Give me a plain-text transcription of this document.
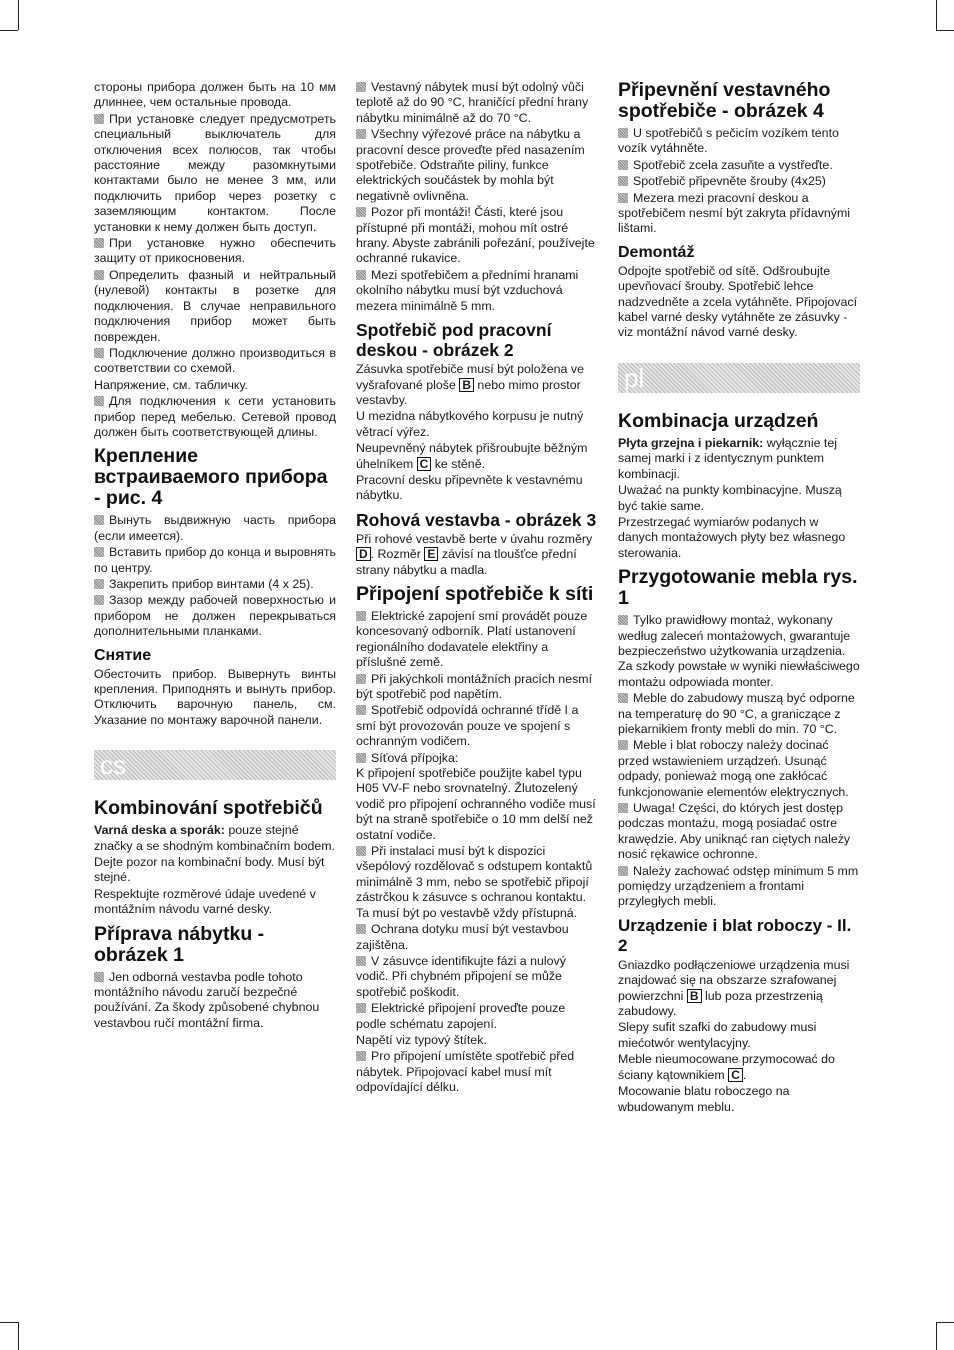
стороны прибора должен быть на 10 мм длиннее, чем остальные провода.

При установке следует предусмотреть специальный выключатель для отключения всех полюсов, так чтобы расстояние между разомкнутыми контактами было не менее 3 мм, или подключить прибор через розетку с заземляющим контактом. После установки к нему должен быть доступ.

При установке нужно обеспечить защиту от прикосновения.

Определить фазный и нейтральный (нулевой) контакты в розетке для подключения. В случае неправильного подключения прибор может быть поврежден.

Подключение должно производиться в соответствии со схемой.

Напряжение, см. табличку.

Для подключения к сети установить прибор перед мебелью. Сетевой провод должен быть соответствующей длины.

Крепление встраиваемого прибора - рис. 4

Вынуть выдвижную часть прибора (если имеется).

Вставить прибор до конца и выровнять по центру.

Закрепить прибор винтами (4 x 25).

Зазор между рабочей поверхностью и прибором не должен перекрываться дополнительными планками.

Снятие

Обесточить прибор. Вывернуть винты крепления. Приподнять и вынуть прибор. Отключить варочную панель, см. Указание по монтажу варочной панели.

cs
Kombinování spotřebičů

Varná deska a sporák: pouze stejné značky a se shodným kombinačním bodem.

Dejte pozor na kombinační body. Musí být stejné.

Respektujte rozměrové údaje uvedené v montážním návodu varné desky.

Příprava nábytku - obrázek 1

Jen odborná vestavba podle tohoto montážního návodu zaručí bezpečné používání. Za škody způsobené chybnou vestavbou ručí montážní firma.

Vestavný nábytek musí být odolný vůči teplotě až do 90 °C, hraničící přední hrany nábytku minimálně až do 70 °C.

Všechny výřezové práce na nábytku a pracovní desce proveďte před nasazením spotřebiče. Odstraňte piliny, funkce elektrických součástek by mohla být negativně ovlivněna.

Pozor při montáži! Části, které jsou přístupné při montáži, mohou mít ostré hrany. Abyste zabránili pořezání, používejte ochranné rukavice.

Mezi spotřebičem a předními hranami okolního nábytku musí být vzduchová mezera minimálně 5 mm.

Spotřebič pod pracovní deskou - obrázek 2

Zásuvka spotřebiče musí být položena ve vyšrafované ploše B nebo mimo prostor vestavby.

U mezidna nábytkového korpusu je nutný větrací výřez.

Neupevněný nábytek přišroubujte běžným úhelníkem C ke stěně.

Pracovní desku připevněte k vestavnému nábytku.

Rohová vestavba - obrázek 3

Při rohové vestavbě berte v úvahu rozměry D . Rozměr E závisí na tloušťce přední strany nábytku a madla.

Připojení spotřebiče k síti

Elektrické zapojení smí provádět pouze koncesovaný odborník. Platí ustanovení regionálního dodavatele elektřiny a příslušné země.

Při jakýchkoli montážních pracích nesmí být spotřebič pod napětím.

Spotřebič odpovídá ochranné třídě I a smí být provozován pouze ve spojení s ochranným vodičem.

Síťová přípojka:
K připojení spotřebiče použijte kabel typu H05 VV-F nebo srovnatelný. Žlutozelený vodič pro připojení ochranného vodiče musí být na straně spotřebiče o 10 mm delší než ostatní vodiče.

Při instalaci musí být k dispozici všepólový rozdělovač s odstupem kontaktů minimálně 3 mm, nebo se spotřebič připojí zástrčkou k zásuvce s ochranou kontaktu. Ta musí být po vestavbě vždy přístupná.

Ochrana dotyku musí být vestavbou zajištěna.

V zásuvce identifikujte fázi a nulový vodič. Při chybném připojení se může spotřebič poškodit.

Elektrické připojení proveďte pouze podle schématu zapojení.

Napětí viz typový štítek.

Pro připojení umístěte spotřebič před nábytek. Připojovací kabel musí mít odpovídající délku.

Připevnění vestavného spotřebiče - obrázek 4

U spotřebičů s pečicím vozíkem tento vozík vytáhněte.

Spotřebič zcela zasuňte a vystřeďte.

Spotřebič připevněte šrouby (4x25)

Mezera mezi pracovní deskou a spotřebičem nesmí být zakryta přídavnými lištami.

Demontáž

Odpojte spotřebič od sítě. Odšroubujte upevňovací šrouby. Spotřebič lehce nadzvedněte a zcela vytáhněte. Připojovací kabel varné desky vytáhněte ze zásuvky - viz montážní návod varné desky.

pl
Kombinacja urządzeń

Płyta grzejna i piekarnik: wyłącznie tej samej marki i z identycznym punktem kombinacji.

Uważać na punkty kombinacyjne. Muszą być takie same.

Przestrzegać wymiarów podanych w danych montażowych płyty bez własnego sterowania.

Przygotowanie mebla rys. 1

Tylko prawidłowy montaż, wykonany według zaleceń montażowych, gwarantuje bezpieczeństwo użytkowania urządzenia. Za szkody powstałe w wyniki niewłaściwego montażu odpowiada monter.

Meble do zabudowy muszą być odporne na temperaturę do 90 °C, a graniczące z piekarnikiem fronty mebli do min. 70 °C.

Meble i blat roboczy należy docinać przed wstawieniem urządzeń. Usunąć odpady, ponieważ mogą one zakłócać funkcjonowanie elementów elektrycznych.

Uwaga! Części, do których jest dostęp podczas montażu, mogą posiadać ostre krawędzie. Aby uniknąć ran ciętych należy nosić rękawice ochronne.

Należy zachować odstęp minimum 5 mm pomiędzy urządzeniem a frontami przyległych mebli.

Urządzenie i blat roboczy - Il. 2

Gniazdko podłączeniowe urządzenia musi znajdować się na obszarze szrafowanej powierzchni B lub poza przestrzenią zabudowy.

Slepy sufit szafki do zabudowy musi miećotwór wentylacyjny.

Meble nieumocowane przymocować do ściany kątownikiem C .

Mocowanie blatu roboczego na wbudowanym meblu.
